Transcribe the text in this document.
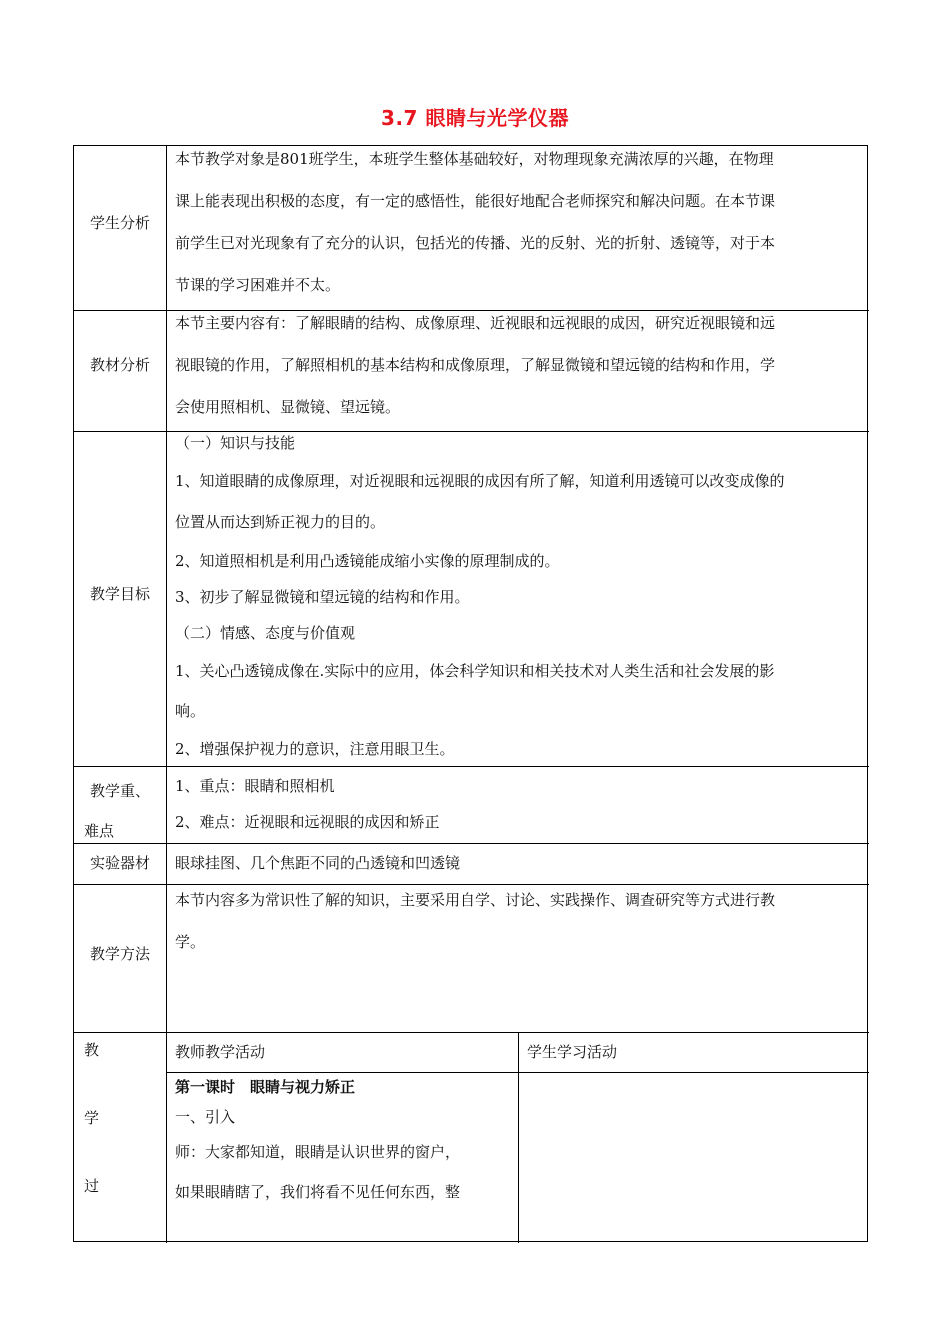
3.7 眼睛与光学仪器
学生分析

本节教学对象是801班学生，本班学生整体基础较好，对物理现象充满浓厚的兴趣，在物理

课上能表现出积极的态度，有一定的感悟性，能很好地配合老师探究和解决问题。在本节课

前学生已对光现象有了充分的认识，包括光的传播、光的反射、光的折射、透镜等，对于本

节课的学习困难并不太。

教材分析

本节主要内容有：了解眼睛的结构、成像原理、近视眼和远视眼的成因，研究近视眼镜和远

视眼镜的作用，了解照相机的基本结构和成像原理，了解显微镜和望远镜的结构和作用，学

会使用照相机、显微镜、望远镜。

教学目标

（一）知识与技能

1、知道眼睛的成像原理，对近视眼和远视眼的成因有所了解，知道利用透镜可以改变成像的

位置从而达到矫正视力的目的。

2、知道照相机是利用凸透镜能成缩小实像的原理制成的。

3、初步了解显微镜和望远镜的结构和作用。

（二）情感、态度与价值观

1、关心凸透镜成像在.实际中的应用，体会科学知识和相关技术对人类生活和社会发展的影

响。

2、增强保护视力的意识，注意用眼卫生。

教学重、
难点

1、重点：眼睛和照相机

2、难点：近视眼和远视眼的成因和矫正

实验器材	眼球挂图、几个焦距不同的凸透镜和凹透镜
教学方法

本节内容多为常识性了解的知识，主要采用自学、讨论、实践操作、调查研究等方式进行教

学。

教
学
过
教师教学活动	学生学习活动

第一课时　眼睛与视力矫正

一、引入

师：大家都知道，眼睛是认识世界的窗户，

如果眼睛瞎了，我们将看不见任何东西，整
